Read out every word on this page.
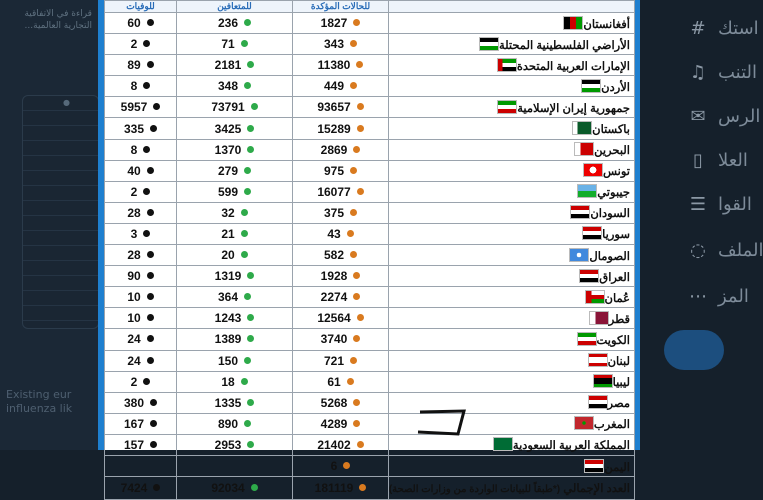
قراءة في الاتفاقية التجارية العالمية...
●
Existing eur influenza lik
# استك
♫ التنب
✉ الرس
▯ العلا
☰ القوا
◌ الملف
⋯ المز
للوفيات	للمتعافين	للحالات المؤكدة	
60	236	1827	أفغانستان
2	71	343	الأراضي الفلسطينية المحتلة
89	2181	11380	الإمارات العربية المتحدة
8	348	449	الأردن
5957	73791	93657	جمهورية إيران الإسلامية
335	3425	15289	باكستان
8	1370	2869	البحرين
40	279	975	تونس
2	599	16077	جيبوتي
28	32	375	السودان
3	21	43	سوريا
28	20	582	الصومال
90	1319	1928	العراق
10	364	2274	عُمان
10	1243	12564	قطر
24	1389	3740	الكويت
24	150	721	لبنان
2	18	61	ليبيا
380	1335	5268	مصر
167	890	4289	المغرب
157	2953	21402	المملكة العربية السعودية
		6	اليمن
7424	92034	181119	العدد الإجمالي (*طبقاً للبيانات الواردة من وزارات الصحة)
